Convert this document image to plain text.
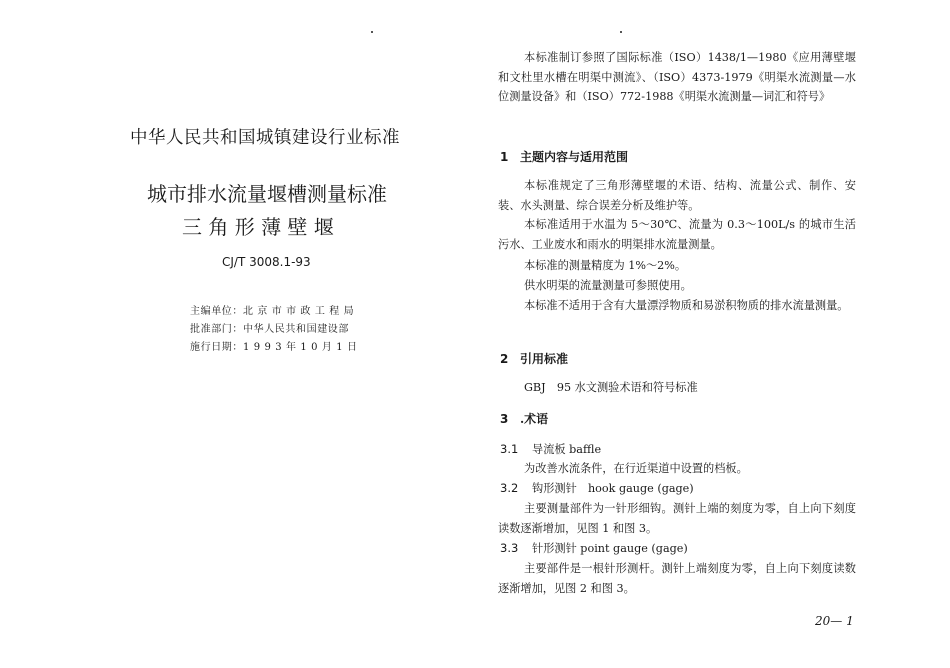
中华人民共和国城镇建设行业标准
城市排水流量堰槽测量标准
三 角 形 薄 壁 堰
CJ/T 3008.1-93
主编单位：北 京 市 市 政 工 程 局
批准部门：中华人民共和国建设部
施行日期：1 9 9 3 年 1 0 月 1 日
本标准制订参照了国际标准（ISO）1438/1—1980《应用薄壁堰和文杜里水槽在明渠中测流》、（ISO）4373-1979《明渠水流测量—水位测量设备》和（ISO）772-1988《明渠水流测量—词汇和符号》
1 主题内容与适用范围
本标准规定了三角形薄壁堰的术语、结构、流量公式、制作、安装、水头测量、综合误差分析及维护等。
本标准适用于水温为 5～30℃、流量为 0.3～100L/s 的城市生活污水、工业废水和雨水的明渠排水流量测量。
本标准的测量精度为 1%～2%。
供水明渠的流量测量可参照使用。
本标准不适用于含有大量漂浮物质和易淤积物质的排水流量测量。
2 引用标准
GBJ　95 水文测验术语和符号标准
3 .术语
3.1 导流板 baffle
为改善水流条件，在行近渠道中设置的档板。
3.2 钩形测针　hook gauge (gage)
主要测量部件为一针形细钩。测针上端的刻度为零，自上向下刻度读数逐渐增加，见图 1 和图 3。
3.3 针形测针 point gauge (gage)
主要部件是一根针形测杆。测针上端刻度为零，自上向下刻度读数逐渐增加，见图 2 和图 3。
20— 1
